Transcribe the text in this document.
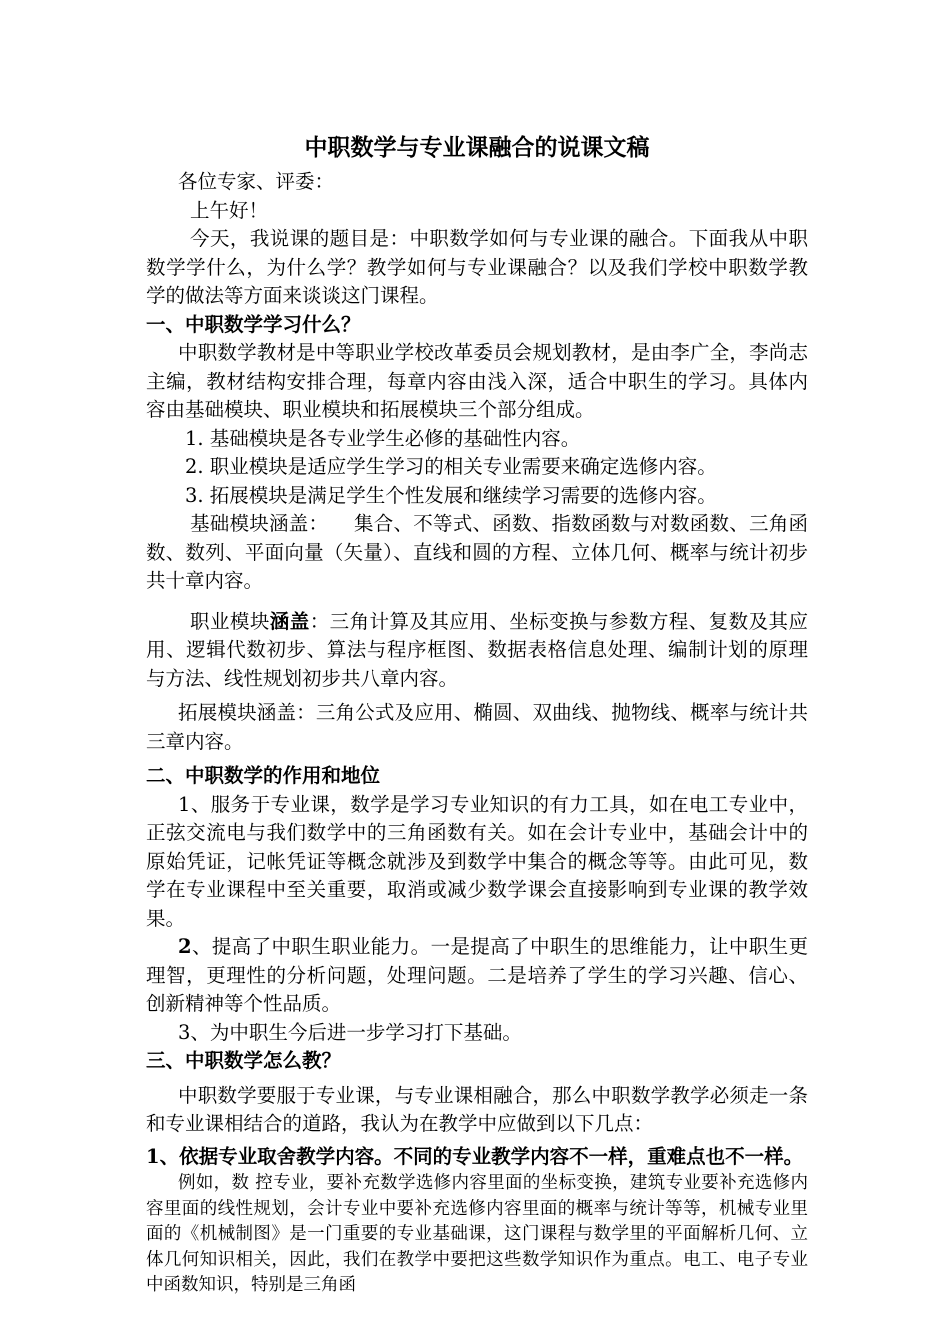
中职数学与专业课融合的说课文稿

各位专家、评委：

上午好！

今天，我说课的题目是：中职数学如何与专业课的融合。下面我从中职数学学什么，为什么学？教学如何与专业课融合？以及我们学校中职数学教学的做法等方面来谈谈这门课程。

一、中职数学学习什么？

中职数学教材是中等职业学校改革委员会规划教材，是由李广全，李尚志主编，教材结构安排合理，每章内容由浅入深，适合中职生的学习。具体内容由基础模块、职业模块和拓展模块三个部分组成。

1. 基础模块是各专业学生必修的基础性内容。

2. 职业模块是适应学生学习的相关专业需要来确定选修内容。

3. 拓展模块是满足学生个性发展和继续学习需要的选修内容。

基础模块涵盖：    集合、不等式、函数、指数函数与对数函数、三角函数、数列、平面向量（矢量）、直线和圆的方程、立体几何、概率与统计初步共十章内容。

职业模块涵盖：三角计算及其应用、坐标变换与参数方程、复数及其应用、逻辑代数初步、算法与程序框图、数据表格信息处理、编制计划的原理与方法、线性规划初步共八章内容。

拓展模块涵盖：三角公式及应用、椭圆、双曲线、抛物线、概率与统计共三章内容。

二、中职数学的作用和地位

1、服务于专业课，数学是学习专业知识的有力工具，如在电工专业中，正弦交流电与我们数学中的三角函数有关。如在会计专业中，基础会计中的原始凭证，记帐凭证等概念就涉及到数学中集合的概念等等。由此可见，数学在专业课程中至关重要，取消或减少数学课会直接影响到专业课的教学效果。

2、提高了中职生职业能力。一是提高了中职生的思维能力，让中职生更理智，更理性的分析问题，处理问题。二是培养了学生的学习兴趣、信心、创新精神等个性品质。

3、为中职生今后进一步学习打下基础。

三、中职数学怎么教？

中职数学要服于专业课，与专业课相融合，那么中职数学教学必须走一条和专业课相结合的道路，我认为在教学中应做到以下几点：

1、依据专业取舍教学内容。不同的专业教学内容不一样，重难点也不一样。

例如，数 控专业，要补充数学选修内容里面的坐标变换，建筑专业要补充选修内容里面的线性规划，会计专业中要补充选修内容里面的概率与统计等等，机械专业里面的《机械制图》是一门重要的专业基础课，这门课程与数学里的平面解析几何、立体几何知识相关，因此，我们在教学中要把这些数学知识作为重点。电工、电子专业中函数知识，特别是三角函
